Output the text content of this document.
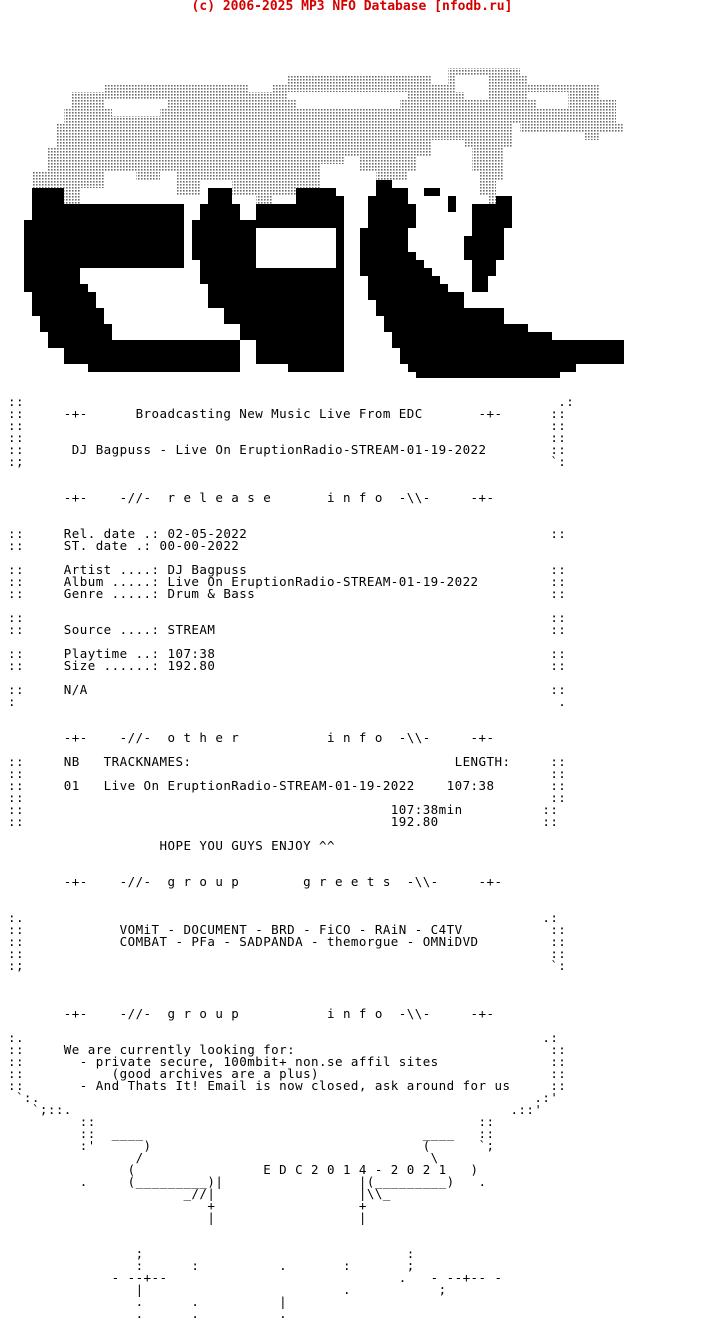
(c) 2006-2025 MP3 NFO Database [nfodb.ru]
::                                                                   .:
::     -+-      Broadcasting New Music Live From EDC       -+-      ::
::                                                                  ::
::                                                                  ::
::      DJ Bagpuss - Live On EruptionRadio-STREAM-01-19-2022        ::
:;                                                                  `:

-+-    -//-  r e l e a s e       i n f o  -\\-     -+-

::     Rel. date .: 02-05-2022                                      ::
::     ST. date .: 00-00-2022

::     Artist ....: DJ Bagpuss                                      ::
::     Album .....: Live On EruptionRadio-STREAM-01-19-2022         ::
::     Genre .....: Drum & Bass                                     ::

::                                                                  ::
::     Source ....: STREAM                                          ::

::     Playtime ..: 107:38                                          ::
::     Size ......: 192.80                                          ::

::     N/A                                                          ::
:                                                                    .

-+-    -//-  o t h e r           i n f o  -\\-     -+-

::     NB   TRACKNAMES:                                 LENGTH:     ::
::                                                                  ::
::     01   Live On EruptionRadio-STREAM-01-19-2022    107:38       ::
::                                                                  ::
::                                              107:38min          ::
::                                              192.80             ::

HOPE YOU GUYS ENJOY ^^

-+-    -//-  g r o u p        g r e e t s  -\\-     -+-

:.                                                                 .:
::            VOMiT - DOCUMENT - BRD - FiCO - RAiN - C4TV           ::
::            COMBAT - PFa - SADPANDA - themorgue - OMNiDVD         ::
::                                                                  ::
:;                                                                  `:

-+-    -//-  g r o u p           i n f o  -\\-     -+-

:.                                                                 .:
::     We are currently looking for:                                ::
::       - private secure, 100mbit+ non.se affil sites              ::
::           (good archives are a plus)                             ::
::       - And Thats It! Email is now closed, ask around for us     ::
`:.                                                              .:'
`;::.                                                       .::'
::                                                ::
::  ____                                   ____   ::
:'      )                                  (      `;
/                                    \
(                E D C 2 0 1 4 - 2 0 2 1   )
.     (_________)|                 |(_________)   .
_//|                  |\\_
+                  +
|                  |

;                                 :
:      :          .       :       ;
- --+--                             .   - --+-- -
|                         .           ;
.      .          |
.      .          .
